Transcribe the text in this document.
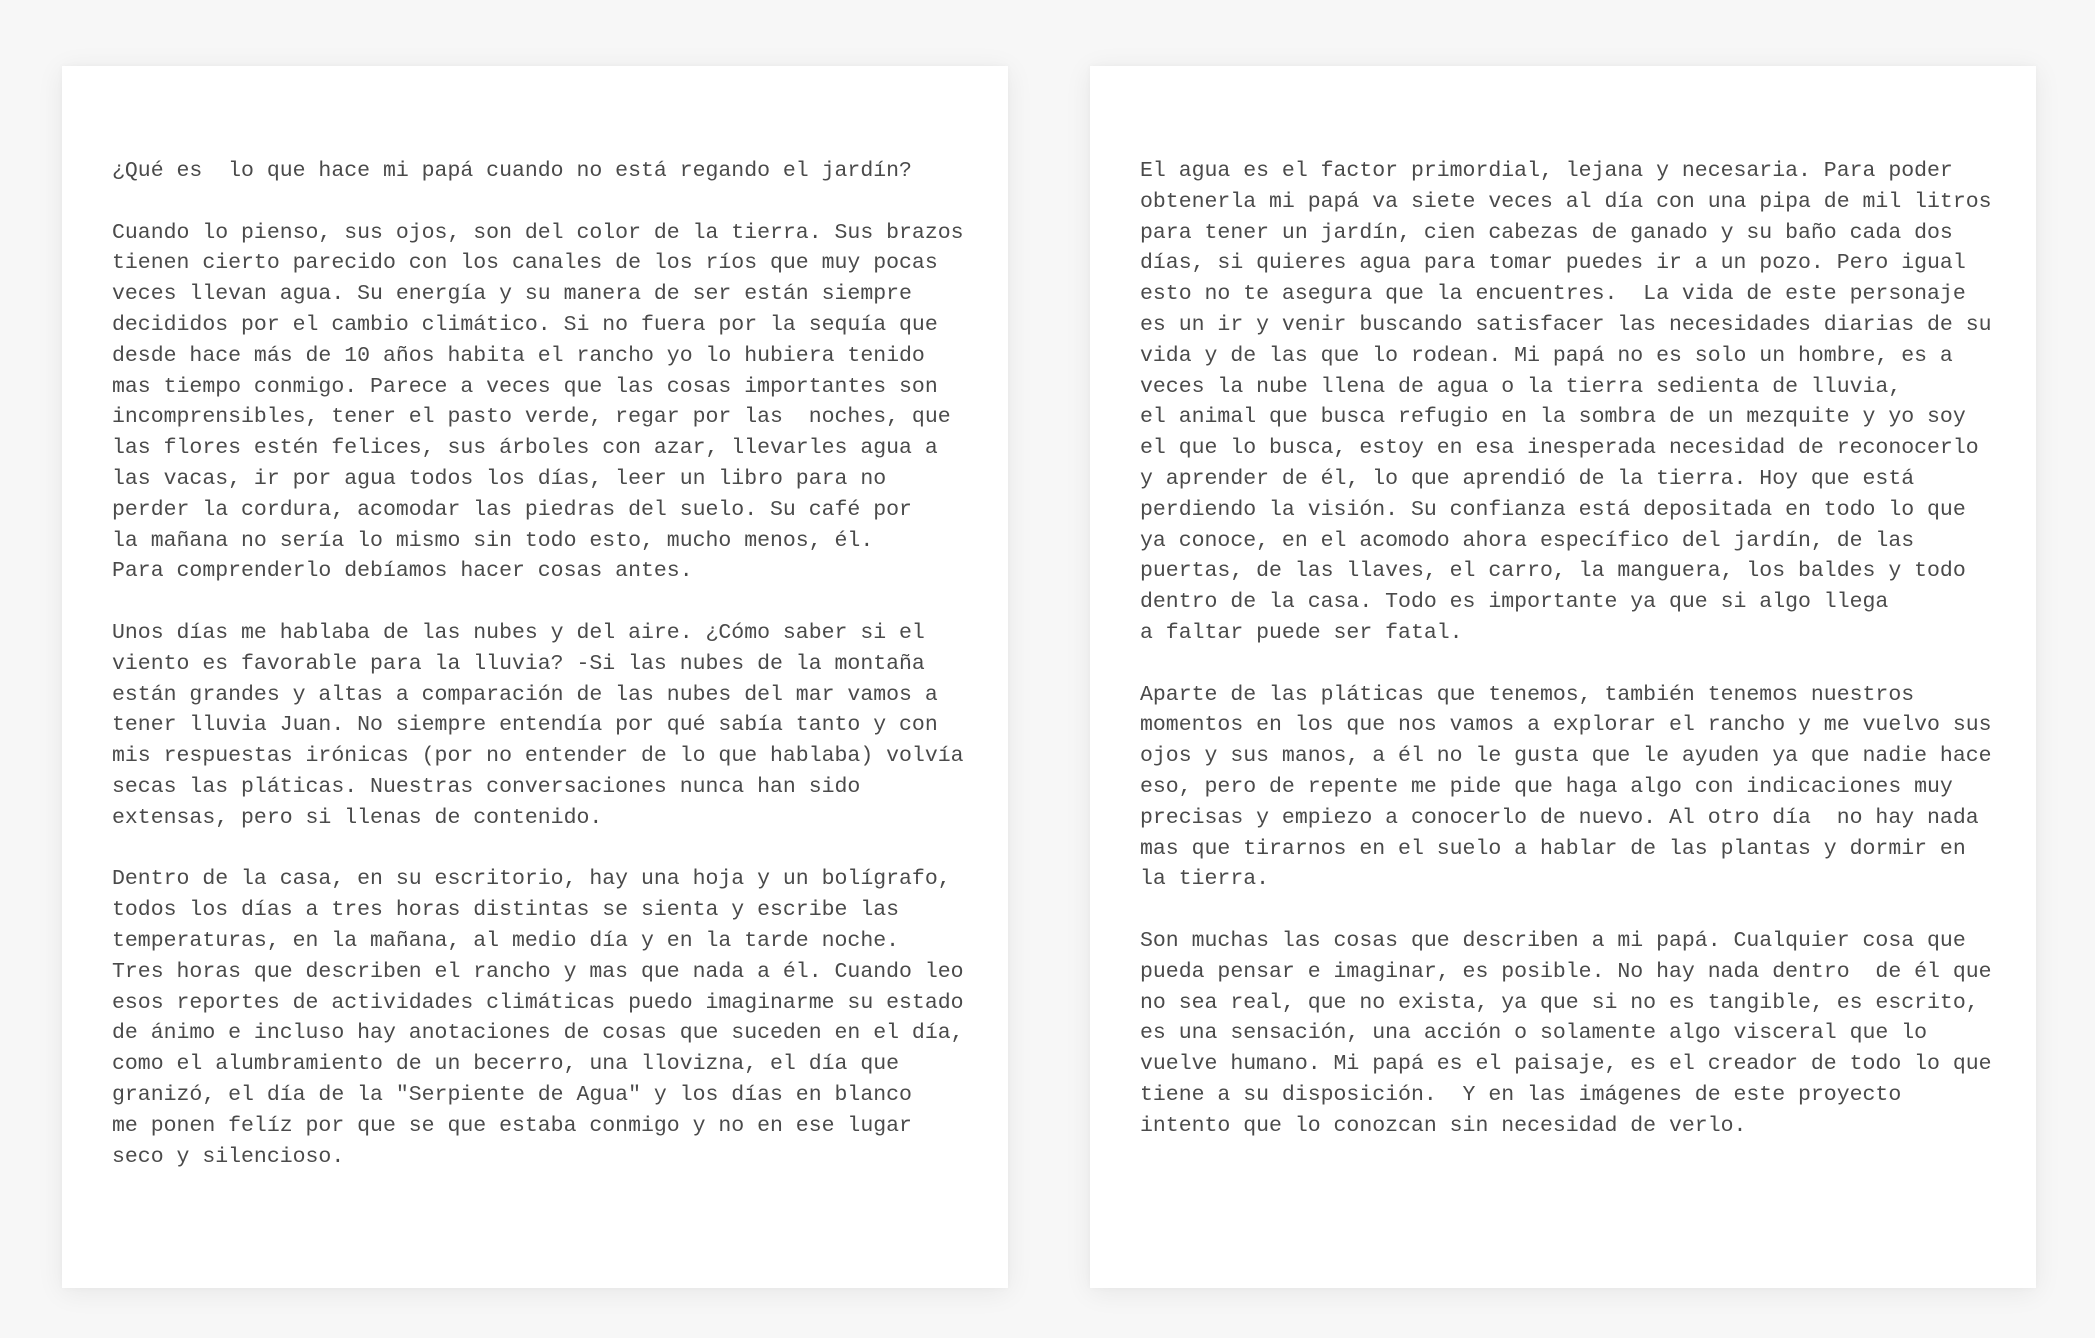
¿Qué es  lo que hace mi papá cuando no está regando el jardín?

Cuando lo pienso, sus ojos, son del color de la tierra. Sus brazos
tienen cierto parecido con los canales de los ríos que muy pocas
veces llevan agua. Su energía y su manera de ser están siempre
decididos por el cambio climático. Si no fuera por la sequía que
desde hace más de 10 años habita el rancho yo lo hubiera tenido
mas tiempo conmigo. Parece a veces que las cosas importantes son
incomprensibles, tener el pasto verde, regar por las  noches, que
las flores estén felices, sus árboles con azar, llevarles agua a
las vacas, ir por agua todos los días, leer un libro para no
perder la cordura, acomodar las piedras del suelo. Su café por
la mañana no sería lo mismo sin todo esto, mucho menos, él.
Para comprenderlo debíamos hacer cosas antes.

Unos días me hablaba de las nubes y del aire. ¿Cómo saber si el
viento es favorable para la lluvia? -Si las nubes de la montaña
están grandes y altas a comparación de las nubes del mar vamos a
tener lluvia Juan. No siempre entendía por qué sabía tanto y con
mis respuestas irónicas (por no entender de lo que hablaba) volvía
secas las pláticas. Nuestras conversaciones nunca han sido
extensas, pero si llenas de contenido.

Dentro de la casa, en su escritorio, hay una hoja y un bolígrafo,
todos los días a tres horas distintas se sienta y escribe las
temperaturas, en la mañana, al medio día y en la tarde noche.
Tres horas que describen el rancho y mas que nada a él. Cuando leo
esos reportes de actividades climáticas puedo imaginarme su estado
de ánimo e incluso hay anotaciones de cosas que suceden en el día,
como el alumbramiento de un becerro, una llovizna, el día que
granizó, el día de la "Serpiente de Agua" y los días en blanco
me ponen felíz por que se que estaba conmigo y no en ese lugar
seco y silencioso.

El agua es el factor primordial, lejana y necesaria. Para poder
obtenerla mi papá va siete veces al día con una pipa de mil litros
para tener un jardín, cien cabezas de ganado y su baño cada dos
días, si quieres agua para tomar puedes ir a un pozo. Pero igual
esto no te asegura que la encuentres.  La vida de este personaje
es un ir y venir buscando satisfacer las necesidades diarias de su
vida y de las que lo rodean. Mi papá no es solo un hombre, es a
veces la nube llena de agua o la tierra sedienta de lluvia,
el animal que busca refugio en la sombra de un mezquite y yo soy
el que lo busca, estoy en esa inesperada necesidad de reconocerlo
y aprender de él, lo que aprendió de la tierra. Hoy que está
perdiendo la visión. Su confianza está depositada en todo lo que
ya conoce, en el acomodo ahora específico del jardín, de las
puertas, de las llaves, el carro, la manguera, los baldes y todo
dentro de la casa. Todo es importante ya que si algo llega
a faltar puede ser fatal.

Aparte de las pláticas que tenemos, también tenemos nuestros
momentos en los que nos vamos a explorar el rancho y me vuelvo sus
ojos y sus manos, a él no le gusta que le ayuden ya que nadie hace
eso, pero de repente me pide que haga algo con indicaciones muy
precisas y empiezo a conocerlo de nuevo. Al otro día  no hay nada
mas que tirarnos en el suelo a hablar de las plantas y dormir en
la tierra.

Son muchas las cosas que describen a mi papá. Cualquier cosa que
pueda pensar e imaginar, es posible. No hay nada dentro  de él que
no sea real, que no exista, ya que si no es tangible, es escrito,
es una sensación, una acción o solamente algo visceral que lo
vuelve humano. Mi papá es el paisaje, es el creador de todo lo que
tiene a su disposición.  Y en las imágenes de este proyecto
intento que lo conozcan sin necesidad de verlo.
